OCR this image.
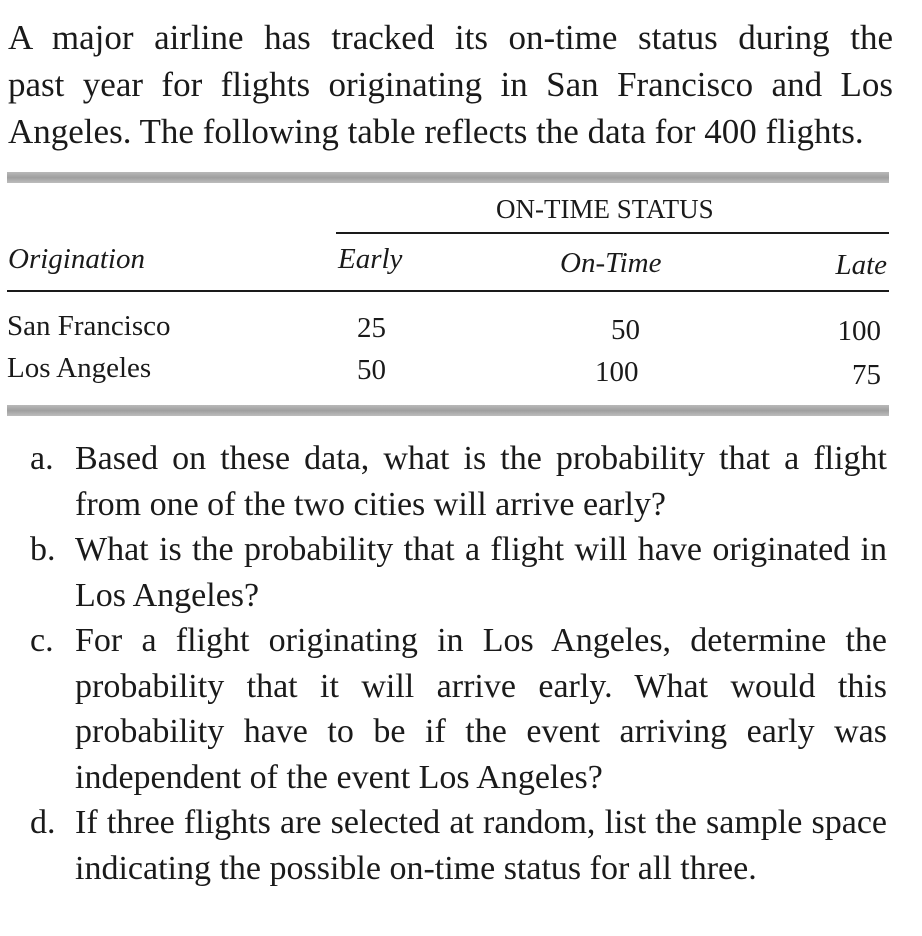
A major airline has tracked its on-time status during the
past year for flights originating in San Francisco and Los
Angeles. The following table reflects the data for 400 flights.
ON-TIME STATUS
Origination	Early	On-Time	Late
San Francisco	25	50	100
Los Angeles	50	100	75
a. Based on these data, what is the probability that a flight from one of the two cities will arrive early?
b. What is the probability that a flight will have originated in Los Angeles?
c. For a flight originating in Los Angeles, determine the probability that it will arrive early. What would this probability have to be if the event arriving early was independent of the event Los Angeles?
d. If three flights are selected at random, list the sample space indicating the possible on-time status for all three.
